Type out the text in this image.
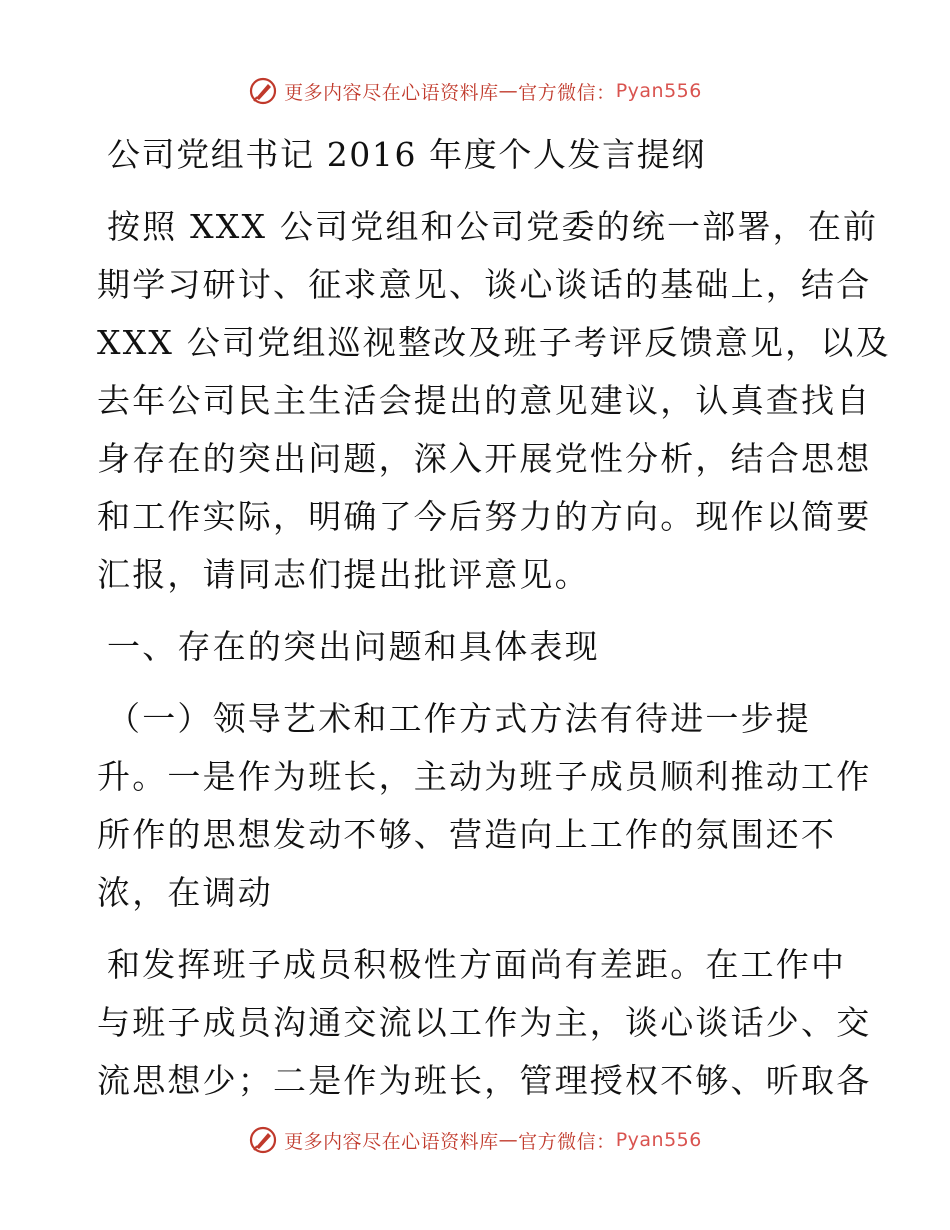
更多内容尽在心语资料库 — 官方微信： Pyan556
公司党组书记 2016 年度个人发言提纲
按照 XXX 公司党组和公司党委的统一部署，在前
期学习研讨、征求意见、谈心谈话的基础上，结合
XXX 公司党组巡视整改及班子考评反馈意见，以及
去年公司民主生活会提出的意见建议，认真查找自
身存在的突出问题，深入开展党性分析，结合思想
和工作实际，明确了今后努力的方向。现作以简要
汇报，请同志们提出批评意见。
一、存在的突出问题和具体表现
（一）领导艺术和工作方式方法有待进一步提
升。一是作为班长，主动为班子成员顺利推动工作
所作的思想发动不够、营造向上工作的氛围还不
浓，在调动
和发挥班子成员积极性方面尚有差距。在工作中
与班子成员沟通交流以工作为主，谈心谈话少、交
流思想少；二是作为班长，管理授权不够、听取各
更多内容尽在心语资料库 — 官方微信： Pyan556
